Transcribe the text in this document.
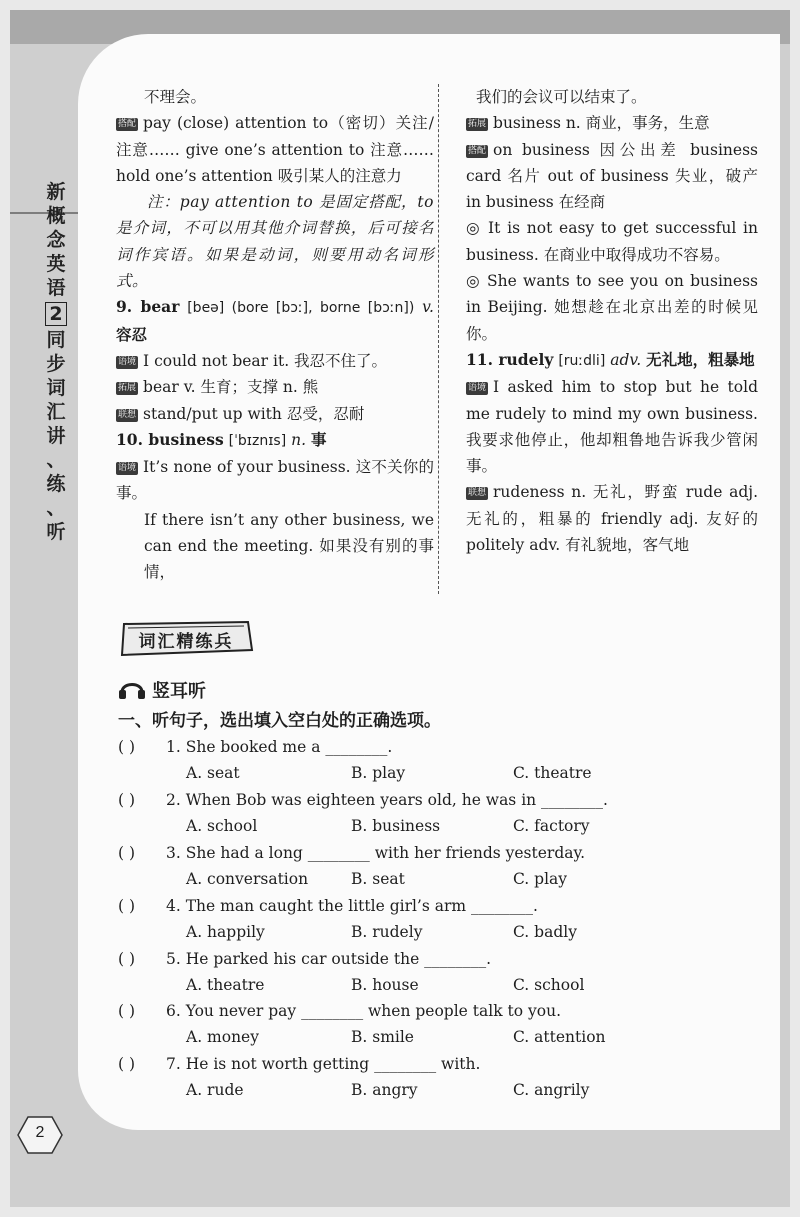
新
概
念
英
语
2
同
步
词
汇
讲
、
练
、
听
2

不理会。

搭配 pay (close) attention to（密切）关注/注意…… give one’s attention to 注意…… hold one’s attention 吸引某人的注意力

注：pay attention to 是固定搭配，to 是介词，不可以用其他介词替换，后可接名词作宾语。如果是动词，则要用动名词形式。

9. bear [beə] (bore [bɔː], borne [bɔːn]) v. 容忍

语境 I could not bear it. 我忍不住了。

拓展 bear v. 生育；支撑 n. 熊

联想 stand/put up with 忍受，忍耐

10. business [ˈbɪznɪs] n. 事

语境 It’s none of your business. 这不关你的事。

If there isn’t any other business, we can end the meeting. 如果没有别的事情，

我们的会议可以结束了。

拓展 business n. 商业，事务，生意

搭配 on business 因公出差 business card 名片 out of business 失业，破产 in business 在经商

◎ It is not easy to get successful in business. 在商业中取得成功不容易。

◎ She wants to see you on business in Beijing. 她想趁在北京出差的时候见你。

11. rudely [ruːdli] adv. 无礼地，粗暴地

语境 I asked him to stop but he told me rudely to mind my own business. 我要求他停止，他却粗鲁地告诉我少管闲事。

联想 rudeness n. 无礼，野蛮 rude adj. 无礼的，粗暴的 friendly adj. 友好的 politely adv. 有礼貌地，客气地

词汇精练兵
竖耳听
一、听句子，选出填入空白处的正确选项。
( ) 1. She booked me a ________.
A. seat	B. play	C. theatre
( ) 2. When Bob was eighteen years old, he was in ________.
A. school	B. business	C. factory
( ) 3. She had a long ________ with her friends yesterday.
A. conversation	B. seat	C. play
( ) 4. The man caught the little girl’s arm ________.
A. happily	B. rudely	C. badly
( ) 5. He parked his car outside the ________.
A. theatre	B. house	C. school
( ) 6. You never pay ________ when people talk to you.
A. money	B. smile	C. attention
( ) 7. He is not worth getting ________ with.
A. rude	B. angry	C. angrily
